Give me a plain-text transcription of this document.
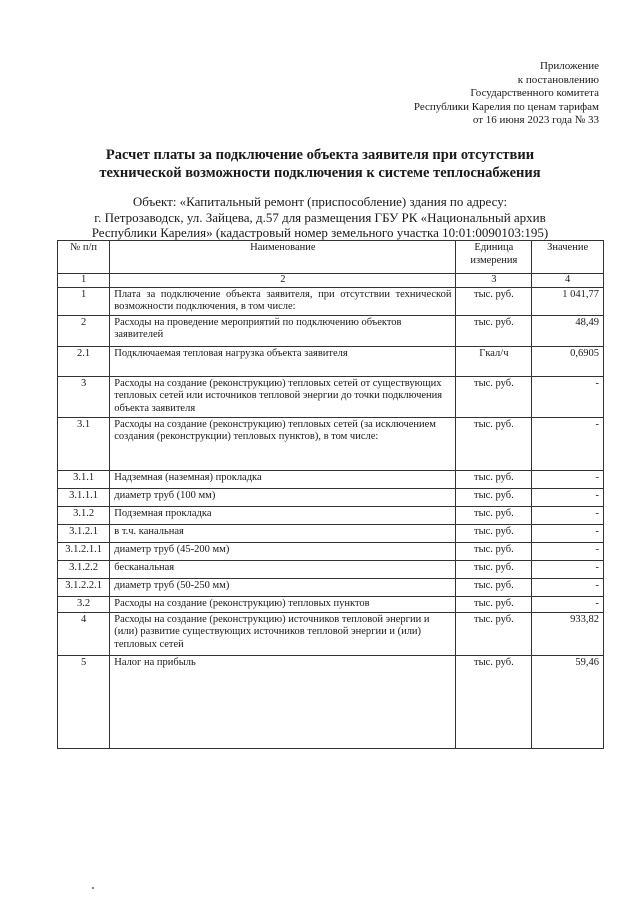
Приложение
к постановлению
Государственного комитета
Республики Карелия по ценам тарифам
от 16 июня 2023 года № 33
Расчет платы за подключение объекта заявителя при отсутствии
технической возможности подключения к системе теплоснабжения
Объект: «Капитальный ремонт (приспособление) здания по адресу:
г. Петрозаводск, ул. Зайцева, д.57 для размещения ГБУ РК «Национальный архив
Республики Карелия» (кадастровый номер земельного участка 10:01:0090103:195)
№ п/п	Наименование	Единица измерения	Значение
1	2	3	4
1	Плата за подключение объекта заявителя, при отсутствии технической возможности подключения, в том числе:	тыс. руб.	1 041,77
2	Расходы на проведение мероприятий по подключению объектов заявителей	тыс. руб.	48,49
2.1	Подключаемая тепловая нагрузка объекта заявителя	Гкал/ч	0,6905
3	Расходы на создание (реконструкцию) тепловых сетей от существующих тепловых сетей или источников тепловой энергии до точки подключения объекта заявителя	тыс. руб.	-
3.1	Расходы на создание (реконструкцию) тепловых сетей (за исключением создания (реконструкции) тепловых пунктов), в том числе:	тыс. руб.	-
3.1.1	Надземная (наземная) прокладка	тыс. руб.	-
3.1.1.1	диаметр труб (100 мм)	тыс. руб.	-
3.1.2	Подземная прокладка	тыс. руб.	-
3.1.2.1	в т.ч. канальная	тыс. руб.	-
3.1.2.1.1	диаметр труб (45-200 мм)	тыс. руб.	-
3.1.2.2	бесканальная	тыс. руб.	-
3.1.2.2.1	диаметр труб (50-250 мм)	тыс. руб.	-
3.2	Расходы на создание (реконструкцию) тепловых пунктов	тыс. руб.	-
4	Расходы на создание (реконструкцию) источников тепловой энергии и (или) развитие существующих источников тепловой энергии и (или) тепловых сетей	тыс. руб.	933,82
5	Налог на прибыль	тыс. руб.	59,46
